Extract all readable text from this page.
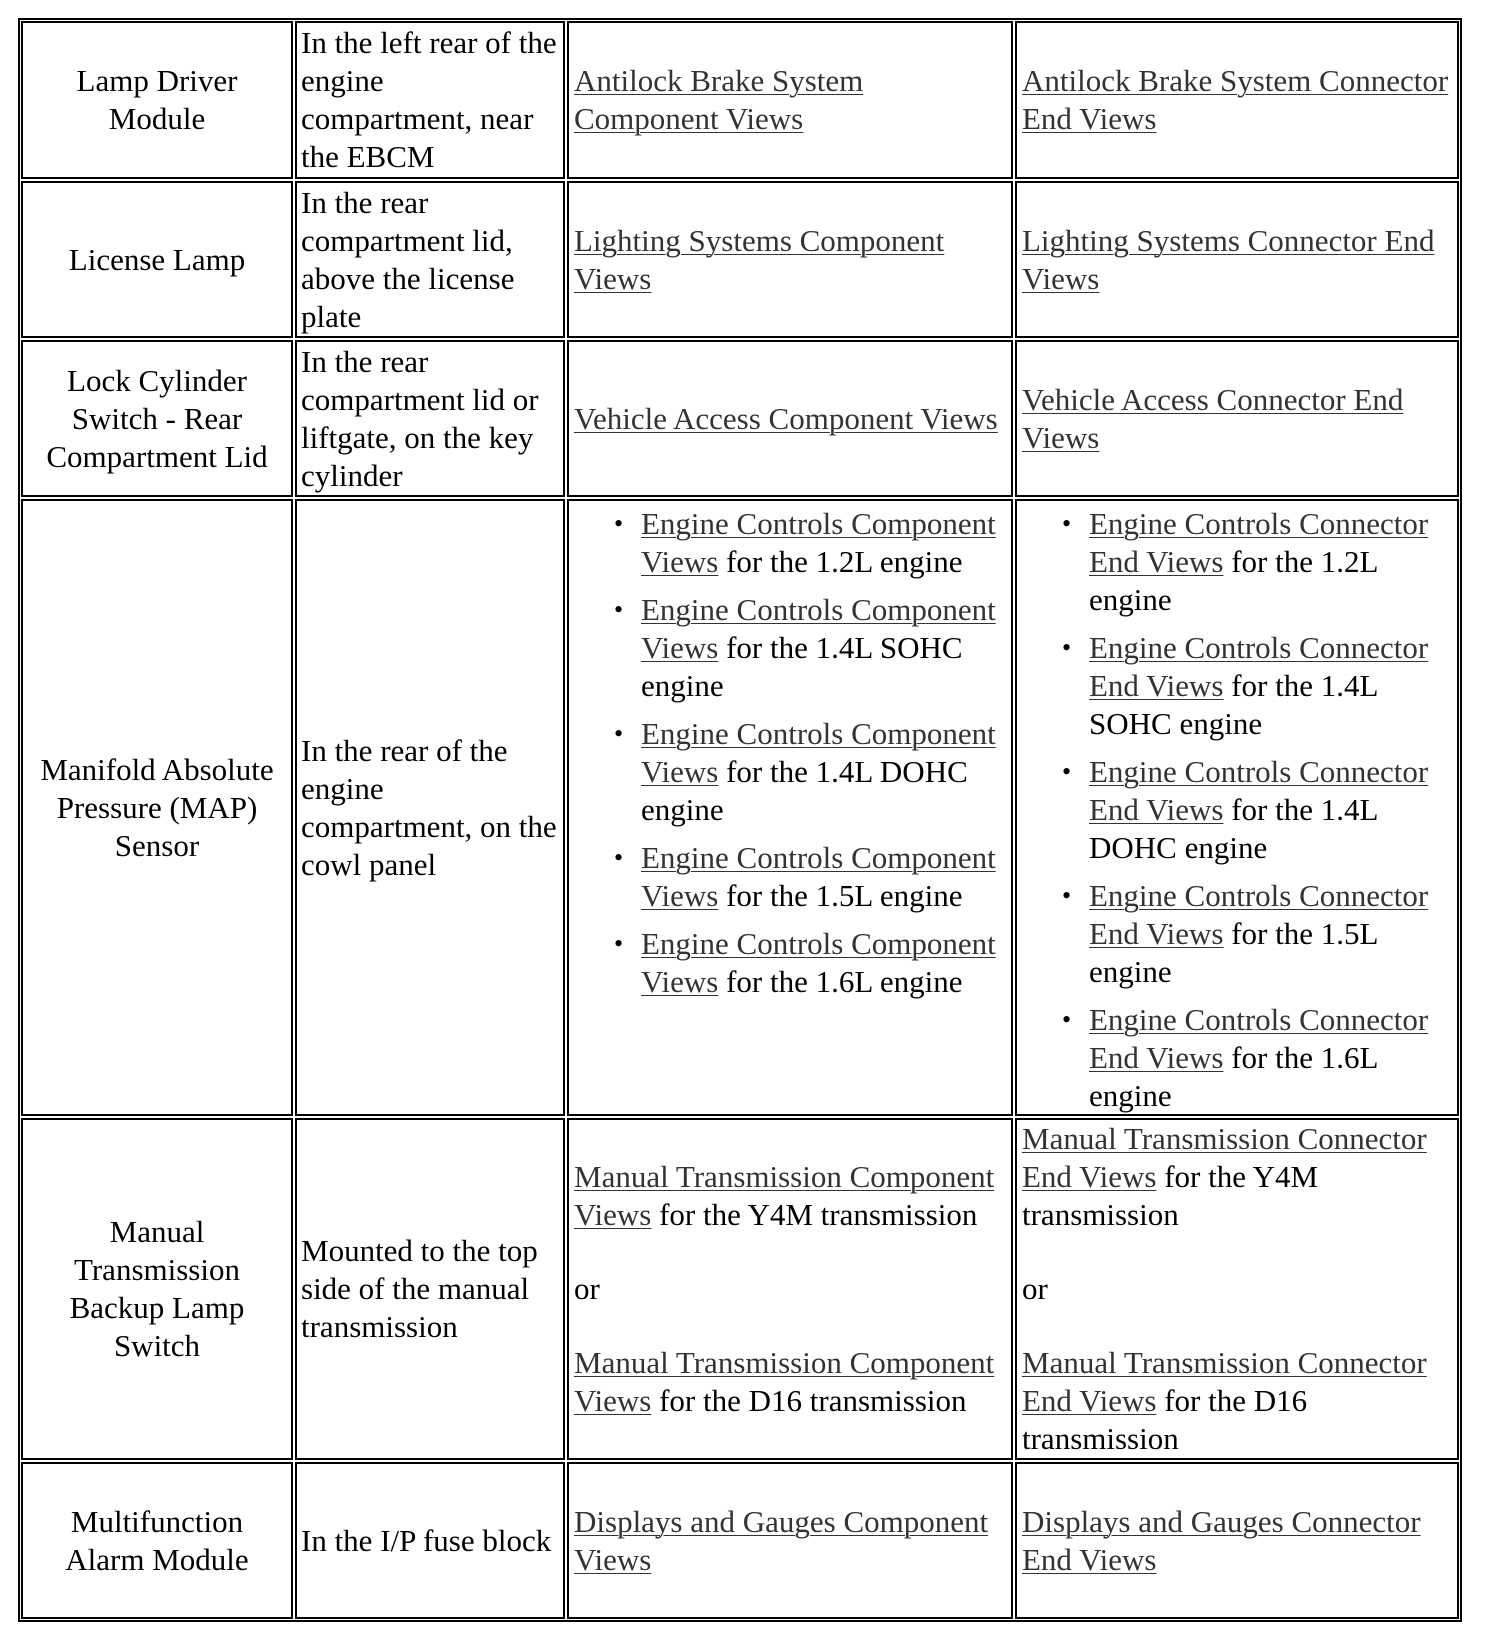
Lamp Driver Module
In the left rear of the engine compartment, near the EBCM
Antilock Brake System Component Views
Antilock Brake System Connector End Views
License Lamp
In the rear compartment lid, above the license plate
Lighting Systems Component Views
Lighting Systems Connector End Views
Lock Cylinder Switch - Rear Compartment Lid
In the rear compartment lid or liftgate, on the key cylinder
Vehicle Access Component Views
Vehicle Access Connector End Views
Manifold Absolute Pressure (MAP) Sensor
In the rear of the engine compartment, on the cowl panel
• Engine Controls Component Views for the 1.2L engine
• Engine Controls Component Views for the 1.4L SOHC engine
• Engine Controls Component Views for the 1.4L DOHC engine
• Engine Controls Component Views for the 1.5L engine
• Engine Controls Component Views for the 1.6L engine
• Engine Controls Connector End Views for the 1.2L engine
• Engine Controls Connector End Views for the 1.4L SOHC engine
• Engine Controls Connector End Views for the 1.4L DOHC engine
• Engine Controls Connector End Views for the 1.5L engine
• Engine Controls Connector End Views for the 1.6L engine
Manual Transmission Backup Lamp Switch
Mounted to the top side of the manual transmission
Manual Transmission Component Views for the Y4M transmission
or
Manual Transmission Component Views for the D16 transmission
Manual Transmission Connector End Views for the Y4M transmission
or
Manual Transmission Connector End Views for the D16 transmission
Multifunction Alarm Module
In the I/P fuse block
Displays and Gauges Component Views
Displays and Gauges Connector End Views
